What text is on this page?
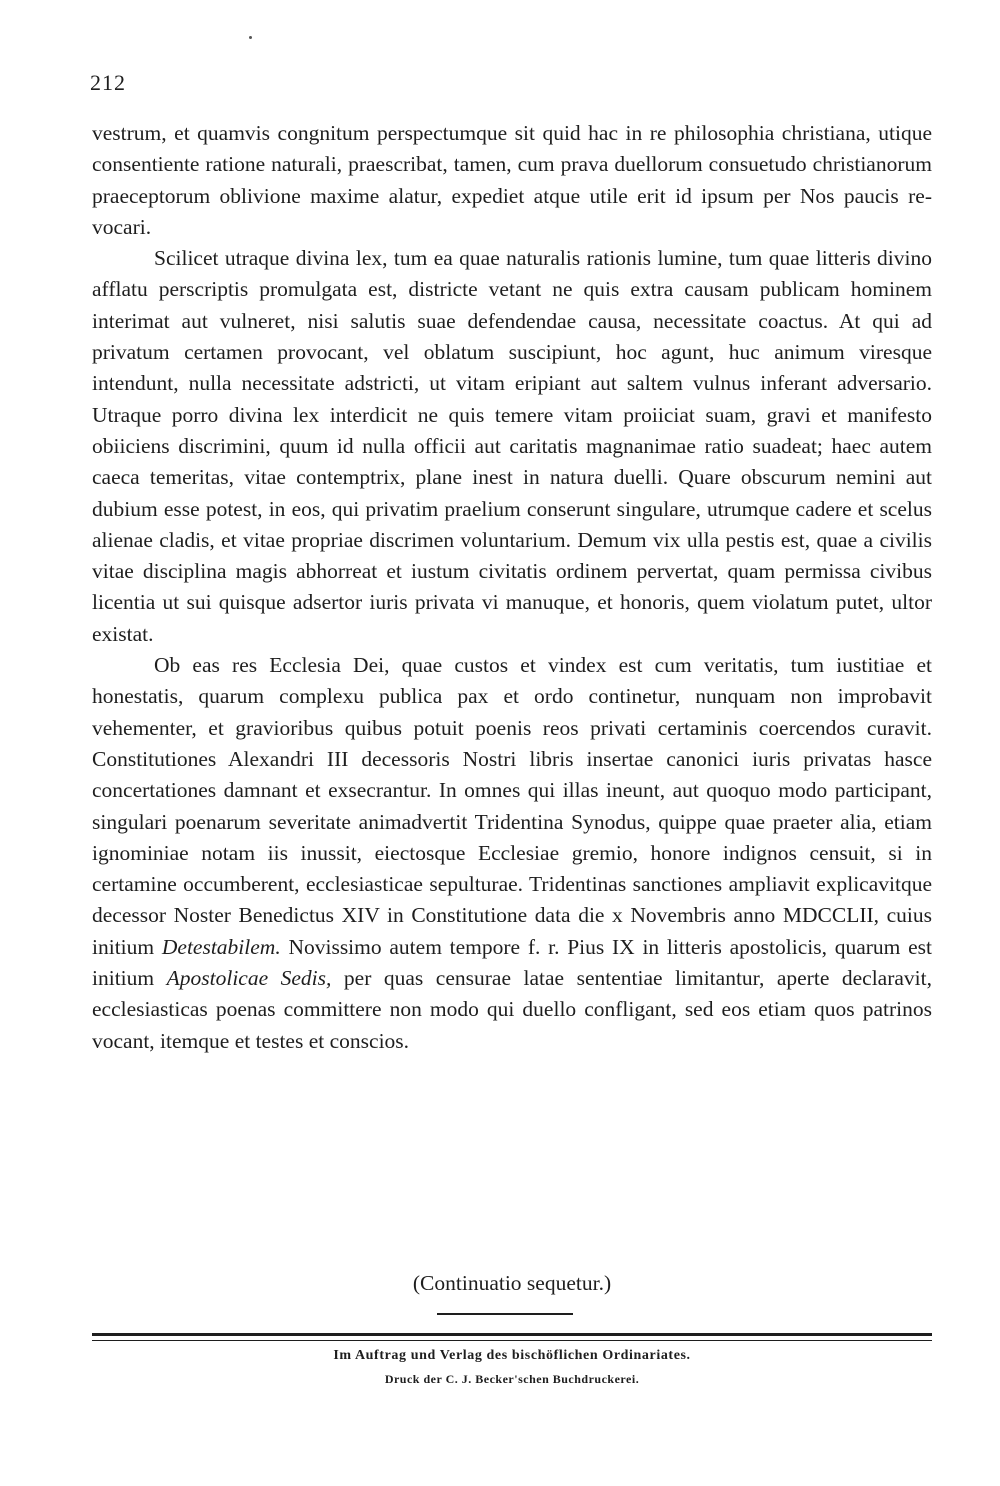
212

vestrum, et quamvis congnitum perspectumque sit quid hac in re philosophia christiana, utique consentiente ratione naturali, praescribat, tamen, cum prava duellorum consuetudo christianorum praeceptorum oblivione maxime alatur, expediet atque utile erit id ipsum per Nos paucis revocari.

Scilicet utraque divina lex, tum ea quae naturalis rationis lumine, tum quae litteris divino afflatu perscriptis promulgata est, districte vetant ne quis extra causam publicam hominem interimat aut vulneret, nisi salutis suae defendendae causa, necessitate coactus. At qui ad privatum certamen provocant, vel oblatum suscipiunt, hoc agunt, huc animum viresque intendunt, nulla necessitate adstricti, ut vitam eripiant aut saltem vulnus inferant adversario. Utraque porro divina lex interdicit ne quis temere vitam proiiciat suam, gravi et manifesto obiiciens discrimini, quum id nulla officii aut caritatis magnanimae ratio suadeat; haec autem caeca temeritas, vitae contemptrix, plane inest in natura duelli. Quare obscurum nemini aut dubium esse potest, in eos, qui privatim praelium conserunt singulare, utrumque cadere et scelus alienae cladis, et vitae propriae discrimen voluntarium. Demum vix ulla pestis est, quae a civilis vitae disciplina magis abhorreat et iustum civitatis ordinem pervertat, quam permissa civibus licentia ut sui quisque adsertor iuris privata vi manuque, et honoris, quem violatum putet, ultor existat.

Ob eas res Ecclesia Dei, quae custos et vindex est cum veritatis, tum iustitiae et honestatis, quarum complexu publica pax et ordo continetur, nunquam non improbavit vehementer, et gravioribus quibus potuit poenis reos privati certaminis coercendos curavit. Constitutiones Alexandri III decessoris Nostri libris insertae canonici iuris privatas hasce concertationes damnant et exsecrantur. In omnes qui illas ineunt, aut quoquo modo participant, singulari poenarum severitate animadvertit Tridentina Synodus, quippe quae praeter alia, etiam ignominiae notam iis inussit, eiectosque Ecclesiae gremio, honore indignos censuit, si in certamine occumberent, ecclesiasticae sepulturae. Tridentinas sanctiones ampliavit explicavitque decessor Noster Benedictus XIV in Constitutione data die x Novembris anno MDCCLII, cuius initium Detestabilem. Novissimo autem tempore f. r. Pius IX in litteris apostolicis, quarum est initium Apostolicae Sedis, per quas censurae latae sententiae limitantur, aperte declaravit, ecclesiasticas poenas committere non modo qui duello confligant, sed eos etiam quos patrinos vocant, itemque et testes et conscios.

(Continuatio sequetur.)
Im Auftrag und Verlag des bischöflichen Ordinariates.
Druck der C. J. Becker'schen Buchdruckerei.
